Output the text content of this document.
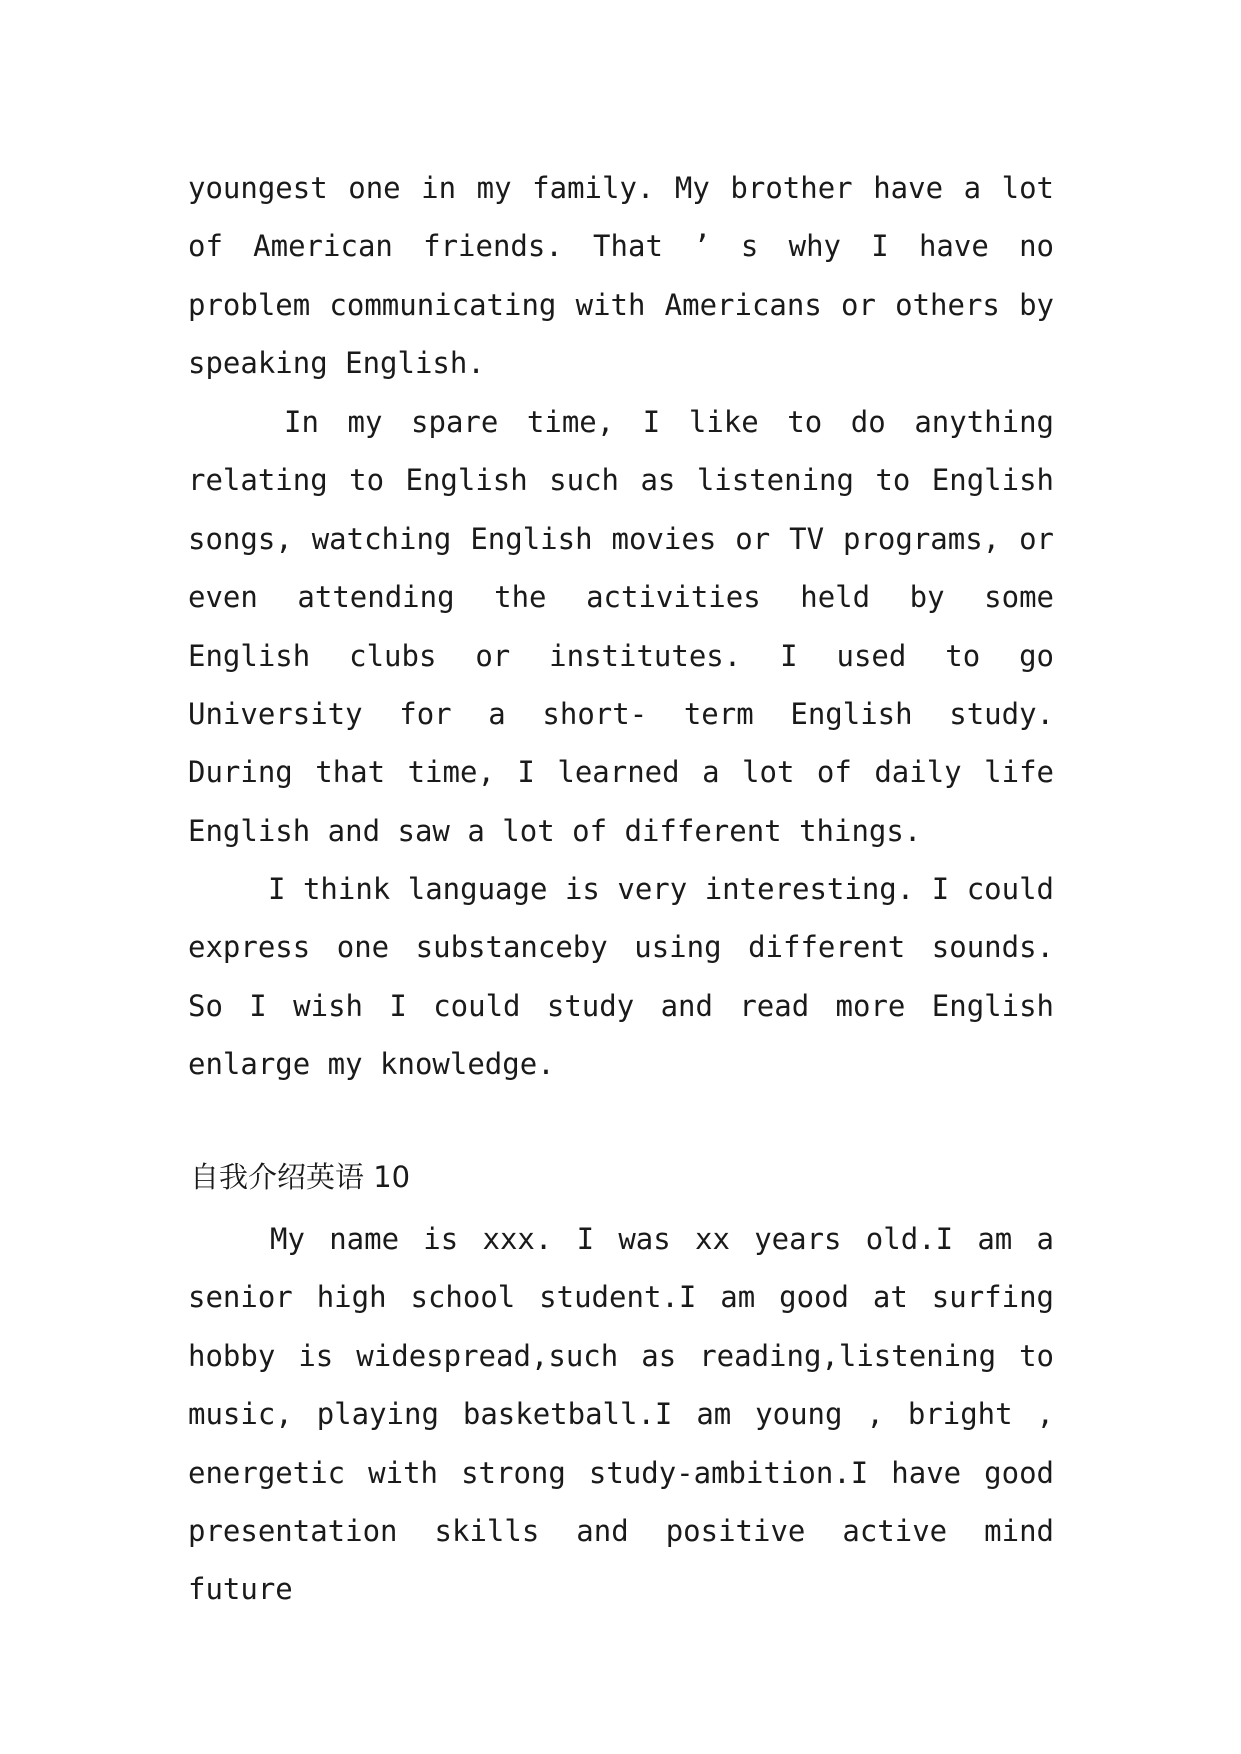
youngest one in my family. My brother have a lot of American friends. That ’ s why I have no problem communicating with Americans or others by speaking English.

In my spare time, I like to do anything relating to English such as listening to English songs, watching English movies or TV programs, or even attending the activities held by some English clubs or institutes. I used to go University for a short- term English study. During that time, I learned a lot of daily life English and saw a lot of different things.

I think language is very interesting. I could express one substanceby using different sounds. So I wish I could study and read more English enlarge my knowledge.

自我介绍英语 10

My name is xxx. I was xx years old.I am a senior high school student.I am good at surfing hobby is widespread,such as reading,listening to music, playing basketball.I am young , bright , energetic with strong study-ambition.I have good presentation skills and positive active mind future
